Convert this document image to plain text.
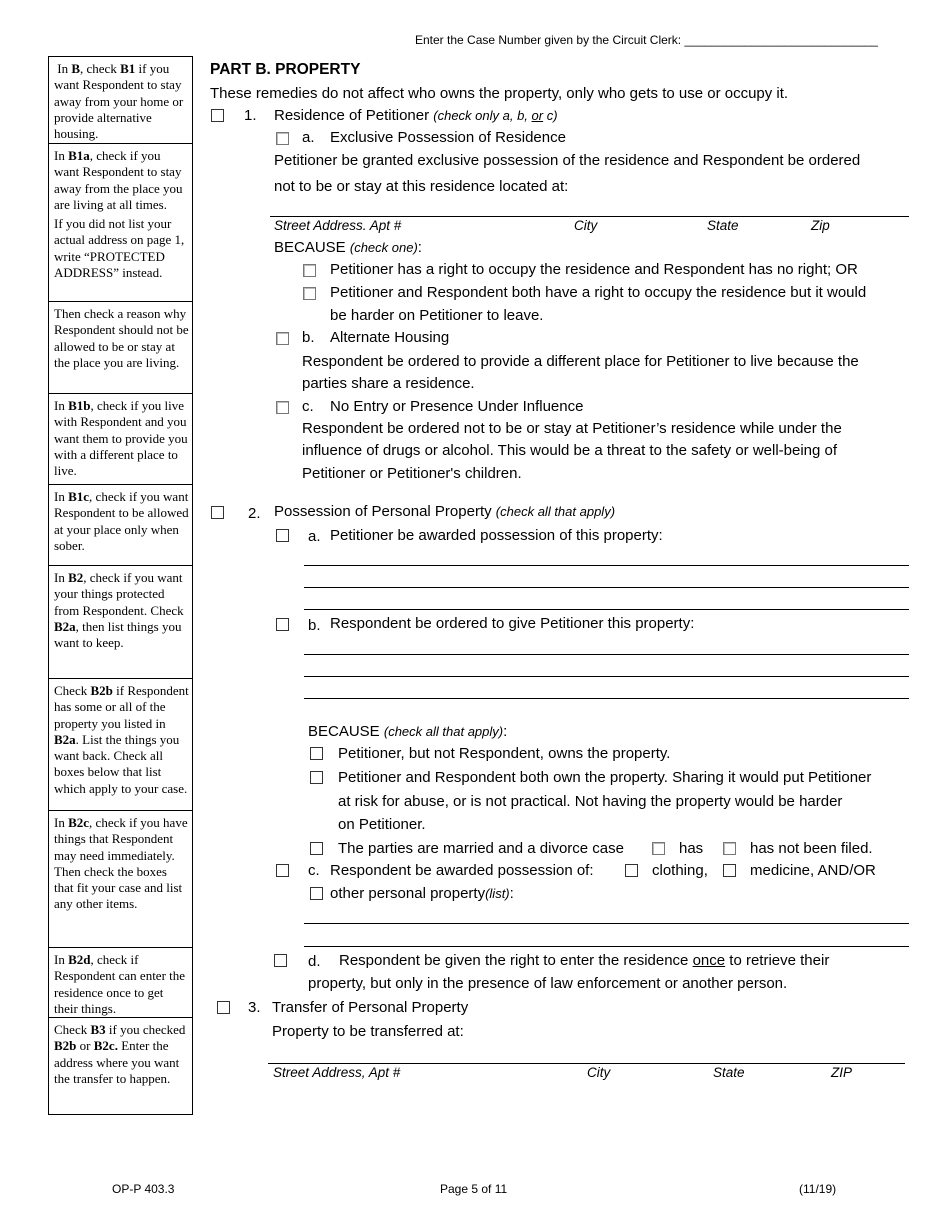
Enter the Case Number given by the Circuit Clerk: _____________________________
In B, check B1 if you want Respondent to stay away from your home or provide alternative housing.
In B1a, check if you want Respondent to stay away from the place you are living at all times.

If you did not list your actual address on page 1, write “PROTECTED ADDRESS” instead.

Then check a reason why Respondent should not be allowed to be or stay at the place you are living.
In B1b, check if you live with Respondent and you want them to provide you with a different place to live.
In B1c, check if you want Respondent to be allowed at your place only when sober.
In B2, check if you want your things protected from Respondent. Check B2a, then list things you want to keep.
Check B2b if Respondent has some or all of the property you listed in B2a. List the things you want back. Check all boxes below that list which apply to your case.
In B2c, check if you have things that Respondent may need immediately. Then check the boxes that fit your case and list any other items.
In B2d, check if Respondent can enter the residence once to get their things.
Check B3 if you checked B2b or B2c. Enter the address where you want the transfer to happen.
PART B. PROPERTY
These remedies do not affect who owns the property, only who gets to use or occupy it.
1. Residence of Petitioner (check only a, b, or c)
a. Exclusive Possession of Residence
Petitioner be granted exclusive possession of the residence and Respondent be ordered
not to be or stay at this residence located at:
Street Address. Apt #	City	State	Zip
BECAUSE (check one):
Petitioner has a right to occupy the residence and Respondent has no right; OR
Petitioner and Respondent both have a right to occupy the residence but it would
be harder on Petitioner to leave.
b. Alternate Housing
Respondent be ordered to provide a different place for Petitioner to live because the
parties share a residence.
c. No Entry or Presence Under Influence
Respondent be ordered not to be or stay at Petitioner’s residence while under the
influence of drugs or alcohol. This would be a threat to the safety or well-being of
Petitioner or Petitioner's children.
2. Possession of Personal Property (check all that apply)
a. Petitioner be awarded possession of this property:
b. Respondent be ordered to give Petitioner this property:
BECAUSE (check all that apply):
Petitioner, but not Respondent, owns the property.
Petitioner and Respondent both own the property. Sharing it would put Petitioner
at risk for abuse, or is not practical. Not having the property would be harder
on Petitioner.
The parties are married and a divorce case	has	has not been filed.
c. Respondent be awarded possession of:	clothing,	medicine, AND/OR
other personal property(list):
d. Respondent be given the right to enter the residence once to retrieve their
property, but only in the presence of law enforcement or another person.
3. Transfer of Personal Property
Property to be transferred at:
Street Address, Apt #	City	State	ZIP
OP-P 403.3	Page 5 of 11	(11/19)
